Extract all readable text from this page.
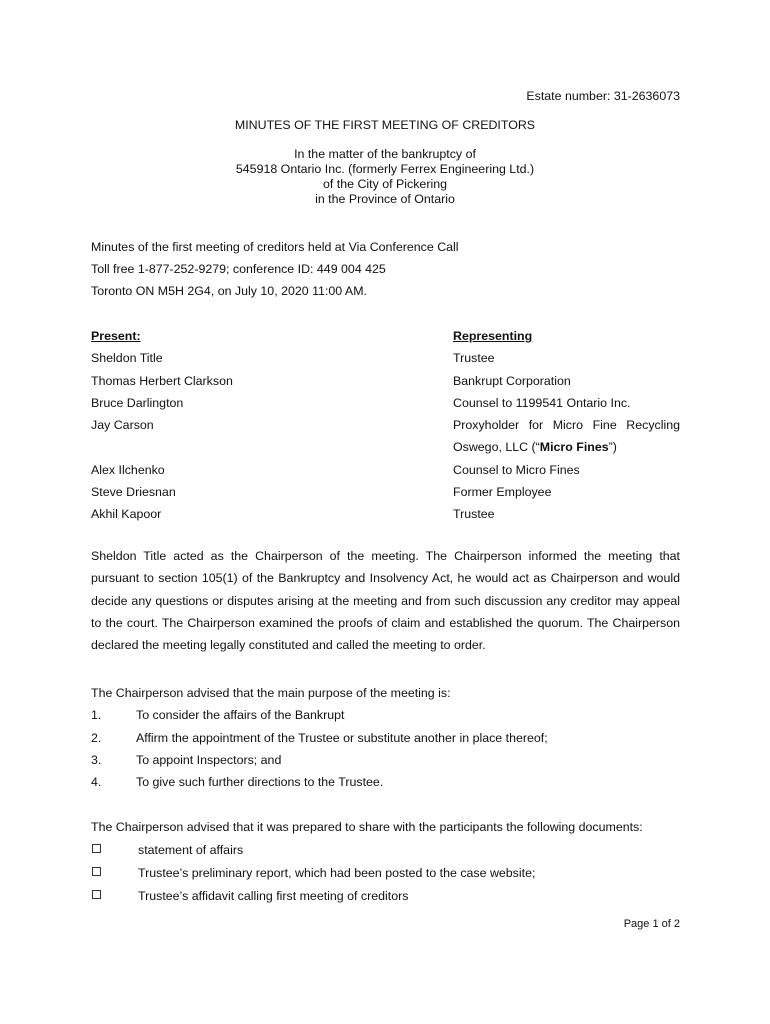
Estate number: 31-2636073
MINUTES OF THE FIRST MEETING OF CREDITORS
In the matter of the bankruptcy of
545918 Ontario Inc. (formerly Ferrex Engineering Ltd.)
of the City of Pickering
in the Province of Ontario
Minutes of the first meeting of creditors held at Via Conference Call
Toll free 1-877-252-9279; conference ID: 449 004 425
Toronto ON M5H 2G4, on July 10, 2020 11:00 AM.
Present:	Representing
Sheldon Title	Trustee
Thomas Herbert Clarkson	Bankrupt Corporation
Bruce Darlington	Counsel to 1199541 Ontario Inc.
Jay Carson	Proxyholder for Micro Fine Recycling
Oswego, LLC (“Micro Fines”)
Alex Ilchenko	Counsel to Micro Fines
Steve Driesnan	Former Employee
Akhil Kapoor	Trustee
Sheldon Title acted as the Chairperson of the meeting. The Chairperson informed the meeting that pursuant to section 105(1) of the Bankruptcy and Insolvency Act, he would act as Chairperson and would decide any questions or disputes arising at the meeting and from such discussion any creditor may appeal to the court. The Chairperson examined the proofs of claim and established the quorum. The Chairperson declared the meeting legally constituted and called the meeting to order.
The Chairperson advised that the main purpose of the meeting is:
1.	To consider the affairs of the Bankrupt
2.	Affirm the appointment of the Trustee or substitute another in place thereof;
3.	To appoint Inspectors; and
4.	To give such further directions to the Trustee.
The Chairperson advised that it was prepared to share with the participants the following documents:
statement of affairs
Trustee’s preliminary report, which had been posted to the case website;
Trustee’s affidavit calling first meeting of creditors
Page 1 of 2
